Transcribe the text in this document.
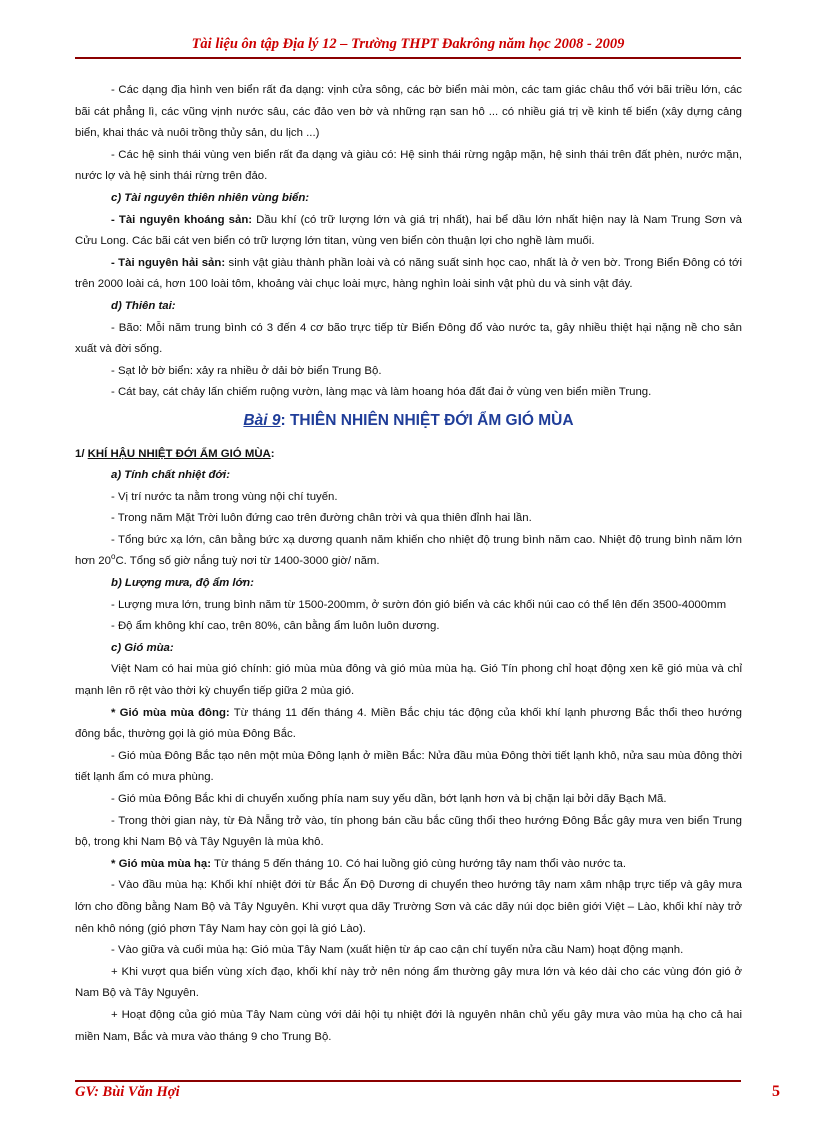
Tài liệu ôn tập Địa lý 12 – Trường THPT Đakrông năm học 2008 - 2009

- Các dạng địa hình ven biển rất đa dạng: vịnh cửa sông, các bờ biển mài mòn, các tam giác châu thổ với bãi triều lớn, các bãi cát phẳng lì, các vũng vịnh nước sâu, các đảo ven bờ và những rạn san hô ... có nhiều giá trị về kinh tế biển (xây dựng cảng biển, khai thác và nuôi trồng thủy sản, du lịch ...)

- Các hệ sinh thái vùng ven biển rất đa dạng và giàu có: Hệ sinh thái rừng ngập mặn, hệ sinh thái trên đất phèn, nước mặn, nước lợ và hệ sinh thái rừng trên đảo.

c) Tài nguyên thiên nhiên vùng biển:

- Tài nguyên khoáng sản: Dầu khí (có trữ lượng lớn và giá trị nhất), hai bể dầu lớn nhất hiện nay là Nam Trung Sơn và Cửu Long. Các bãi cát ven biển có trữ lượng lớn titan, vùng ven biển còn thuận lợi cho nghề làm muối.

- Tài nguyên hải sản: sinh vật giàu thành phần loài và có năng suất sinh học cao, nhất là ở ven bờ. Trong Biển Đông có tới trên 2000 loài cá, hơn 100 loài tôm, khoảng vài chục loài mực, hàng nghìn loài sinh vật phù du và sinh vật đáy.

d) Thiên tai:

- Bão: Mỗi năm trung bình có 3 đến 4 cơ bão trực tiếp từ Biển Đông đổ vào nước ta, gây nhiều thiệt hại nặng nề cho sản xuất và đời sống.

- Sạt lở bờ biển: xảy ra nhiều ở dải bờ biển Trung Bộ.

- Cát bay, cát chảy lấn chiếm ruộng vườn, làng mạc và làm hoang hóa đất đai ở vùng ven biển miền Trung.

Bài 9: THIÊN NHIÊN NHIỆT ĐỚI ẨM GIÓ MÙA

1/ KHÍ HẬU NHIỆT ĐỚI ẨM GIÓ MÙA:

a) Tính chất nhiệt đới:

- Vị trí nước ta nằm trong vùng nội chí tuyến.

- Trong năm Mặt Trời luôn đứng cao trên đường chân trời và qua thiên đỉnh hai lần.

- Tổng bức xạ lớn, cân bằng bức xạ dương quanh năm khiến cho nhiệt độ trung bình năm cao. Nhiệt độ trung bình năm lớn hơn 20$^o$C. Tổng số giờ nắng tuỳ nơi từ 1400-3000 giờ/ năm.

b) Lượng mưa, độ ẩm lớn:

- Lượng mưa lớn, trung bình năm từ 1500-200mm, ở sườn đón gió biển và các khối núi cao có thể lên đến 3500-4000mm

- Độ ẩm không khí cao, trên 80%, cân bằng ẩm luôn luôn dương.

c) Gió mùa:

Việt Nam có hai mùa gió chính: gió mùa mùa đông và gió mùa mùa hạ. Gió Tín phong chỉ hoạt động xen kẽ gió mùa và chỉ mạnh lên rõ rệt vào thời kỳ chuyển tiếp giữa 2 mùa gió.

* Gió mùa mùa đông: Từ tháng 11 đến tháng 4. Miền Bắc chịu tác động của khối khí lạnh phương Bắc thổi theo hướng đông bắc, thường gọi là gió mùa Đông Bắc.

- Gió mùa Đông Bắc tạo nên một mùa Đông lạnh ở miền Bắc: Nửa đầu mùa Đông thời tiết lạnh khô, nửa sau mùa đông thời tiết lạnh ẩm có mưa phùng.

- Gió mùa Đông Bắc khi di chuyển xuống phía nam suy yếu dần, bớt lạnh hơn và bị chặn lại bởi dãy Bạch Mã.

- Trong thời gian này, từ Đà Nẵng trở vào, tín phong bán cầu bắc cũng thổi theo hướng Đông Bắc gây mưa ven biển Trung bộ, trong khi Nam Bộ và Tây Nguyên là mùa khô.

* Gió mùa mùa hạ: Từ tháng 5 đến tháng 10. Có hai luồng gió cùng hướng tây nam thổi vào nước ta.

- Vào đầu mùa hạ: Khối khí nhiệt đới từ Bắc Ấn Độ Dương di chuyển theo hướng tây nam xâm nhập trực tiếp và gây mưa lớn cho đồng bằng Nam Bộ và Tây Nguyên. Khi vượt qua dãy Trường Sơn và các dãy núi dọc biên giới Việt – Lào, khối khí này trở nên khô nóng (gió phơn Tây Nam hay còn gọi là gió Lào).

- Vào giữa và cuối mùa hạ: Gió mùa Tây Nam (xuất hiện từ áp cao cận chí tuyến nửa cầu Nam) hoạt động mạnh.

+ Khi vượt qua biển vùng xích đạo, khối khí này trở nên nóng ẩm thường gây mưa lớn và kéo dài cho các vùng đón gió ở Nam Bộ và Tây Nguyên.

+ Hoạt động của gió mùa Tây Nam cùng với dải hội tụ nhiệt đới là nguyên nhân chủ yếu gây mưa vào mùa hạ cho cả hai miền Nam, Bắc và mưa vào tháng 9 cho Trung Bộ.

GV: Bùi Văn Hợi	5
